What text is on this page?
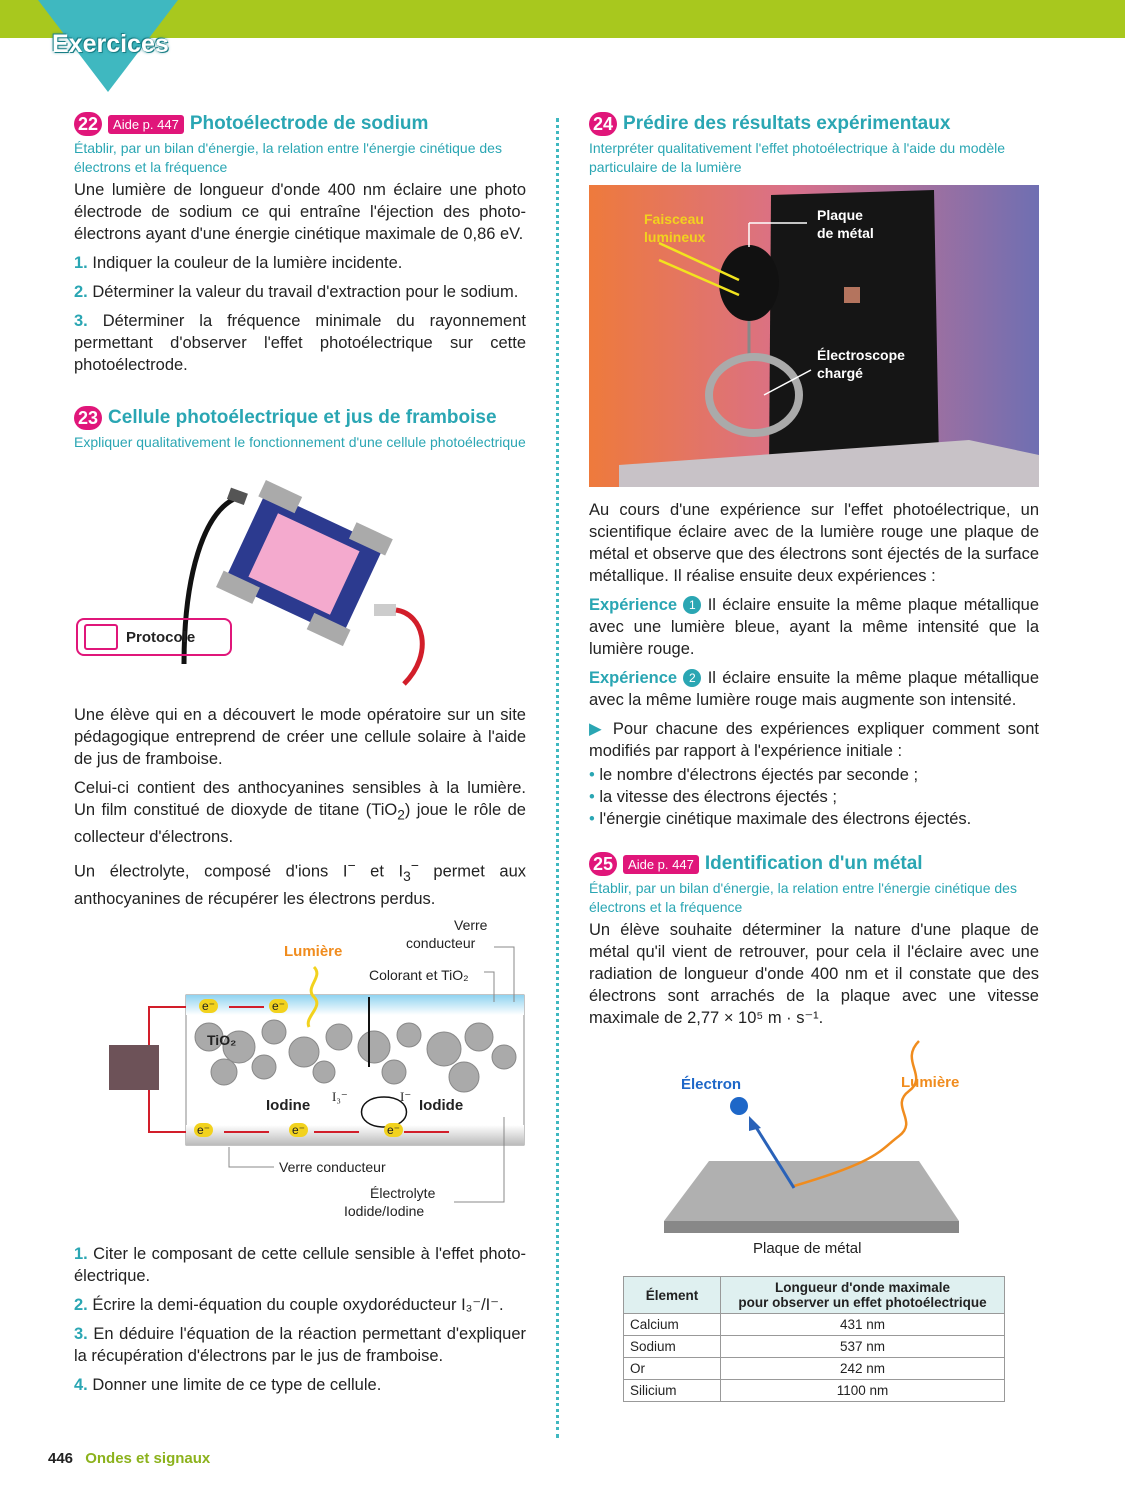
Exercices
22	Aide p. 447 Photoélectrode de sodium
Établir, par un bilan d'énergie, la relation entre l'énergie cinétique des électrons et la fréquence

Une lumière de longueur d'onde 400 nm éclaire une photo électrode de sodium ce qui entraîne l'éjection des photo-électrons ayant d'une énergie cinétique maximale de 0,86 eV.

1. Indiquer la couleur de la lumière incidente.

2. Déterminer la valeur du travail d'extraction pour le sodium.

3. Déterminer la fréquence minimale du rayonnement permettant d'observer l'effet photoélectrique sur cette photoélectrode.

23 Cellule photoélectrique et jus de framboise
Expliquer qualitativement le fonctionnement d'une cellule photoélectrique
Protocole

Une élève qui en a découvert le mode opératoire sur un site pédagogique entreprend de créer une cellule solaire à l'aide de jus de framboise.

Celui-ci contient des anthocyanines sensibles à la lumière. Un film constitué de dioxyde de titane (TiO$_2$) joue le rôle de collecteur d'électrons.

Un électrolyte, composé d'ions I− et $I_3^-$ permet aux anthocyanines de récupérer les électrons perdus.

Verre
conducteur
Lumière
Colorant et TiO₂
e⁻	e⁻
TiO₂
Iodine	Iodide
I₃⁻	I⁻
e⁻	e⁻	e⁻
Verre conducteur
Électrolyte
Iodide/Iodine

1. Citer le composant de cette cellule sensible à l'effet photo-électrique.

2. Écrire la demi-équation du couple oxydoréducteur I₃⁻/I⁻.

3. En déduire l'équation de la réaction permettant d'expliquer la récupération d'électrons par le jus de framboise.

4. Donner une limite de ce type de cellule.

24 Prédire des résultats expérimentaux
Interpréter qualitativement l'effet photoélectrique à l'aide du modèle particulaire de la lumière
Faisceau
lumineux
Plaque
de métal
Électroscope
chargé

Au cours d'une expérience sur l'effet photoélectrique, un scientifique éclaire avec de la lumière rouge une plaque de métal et observe que des électrons sont éjectés de la surface métallique. Il réalise ensuite deux expériences :

Expérience 1 Il éclaire ensuite la même plaque métallique avec une lumière bleue, ayant la même intensité que la lumière rouge.

Expérience 2 Il éclaire ensuite la même plaque métallique avec la même lumière rouge mais augmente son intensité.

▶ Pour chacune des expériences expliquer comment sont modifiés par rapport à l'expérience initiale :

• le nombre d'électrons éjectés par seconde ;

• la vitesse des électrons éjectés ;

• l'énergie cinétique maximale des électrons éjectés.

25	Aide p. 447 Identification d'un métal
Établir, par un bilan d'énergie, la relation entre l'énergie cinétique des électrons et la fréquence

Un élève souhaite déterminer la nature d'une plaque de métal qu'il vient de retrouver, pour cela il l'éclaire avec une radiation de longueur d'onde 400 nm et il constate que des électrons sont arrachés de la plaque avec une vitesse maximale de 2,77 × 10⁵ m · s⁻¹.

Électron	Lumière
Plaque de métal
Élement	Longueur d'onde maximale
pour observer un effet photoélectrique

Calcium	431 nm
Sodium	537 nm
Or	242 nm
Silicium	1100 nm
446 Ondes et signaux
